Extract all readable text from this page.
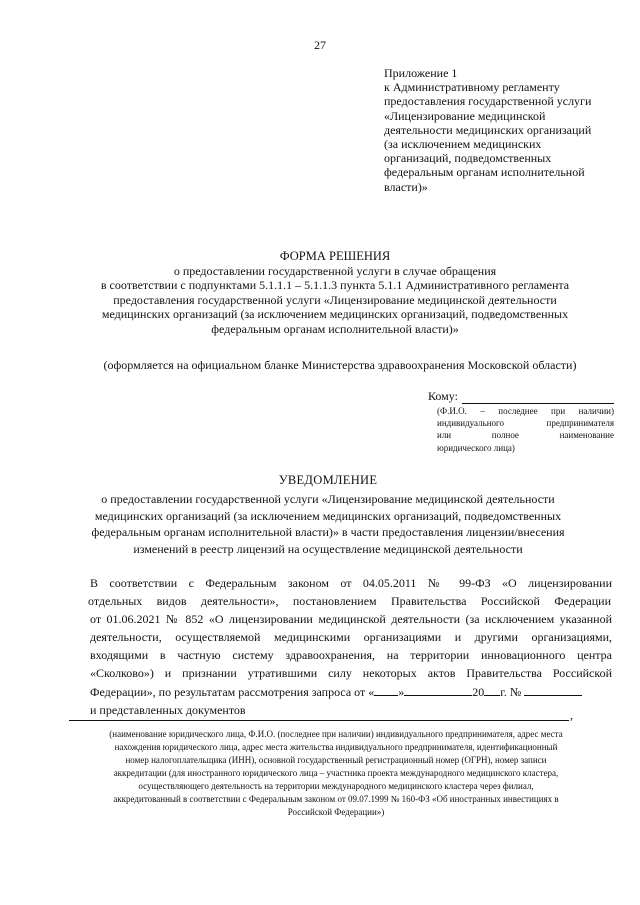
27
Приложение 1
к Административному регламенту
предоставления государственной услуги
«Лицензирование медицинской
деятельности медицинских организаций
(за исключением медицинских
организаций, подведомственных
федеральным органам исполнительной
власти)»
ФОРМА РЕШЕНИЯ
о предоставлении государственной услуги в случае обращения
в соответствии с подпунктами 5.1.1.1 – 5.1.1.3 пункта 5.1.1 Административного регламента
предоставления государственной услуги «Лицензирование медицинской деятельности
медицинских организаций (за исключением медицинских организаций, подведомственных
федеральным органам исполнительной власти)»
(оформляется на официальном бланке Министерства здравоохранения Московской области)
Кому:
(Ф.И.О. – последнее при наличии)
индивидуального предпринимателя
или полное наименование
юридического лица)
УВЕДОМЛЕНИЕ
о предоставлении государственной услуги «Лицензирование медицинской деятельности
медицинских организаций (за исключением медицинских организаций, подведомственных
федеральным органам исполнительной власти)» в части предоставления лицензии/внесения
изменений в реестр лицензий на осуществление медицинской деятельности
В соответствии с Федеральным законом от 04.05.2011 № 99-ФЗ «О лицензировании
отдельных видов деятельности», постановлением Правительства Российской Федерации
от 01.06.2021 № 852 «О лицензировании медицинской деятельности (за исключением указанной
деятельности, осуществляемой медицинскими организациями и другими организациями,
входящими в частную систему здравоохранения, на территории инновационного центра
«Сколково») и признании утратившими силу некоторых актов Правительства Российской
Федерации», по результатам рассмотрения запроса от « »	20 г. №
и представленных документов	,
(наименование юридического лица, Ф.И.О. (последнее при наличии) индивидуального предпринимателя, адрес места
нахождения юридического лица, адрес места жительства индивидуального предпринимателя, идентификационный
номер налогоплательщика (ИНН), основной государственный регистрационный номер (ОГРН), номер записи
аккредитации (для иностранного юридического лица – участника проекта международного медицинского кластера,
осуществляющего деятельность на территории международного медицинского кластера через филиал,
аккредитованный в соответствии с Федеральным законом от 09.07.1999 № 160-ФЗ «Об иностранных инвестициях в
Российской Федерации»)
